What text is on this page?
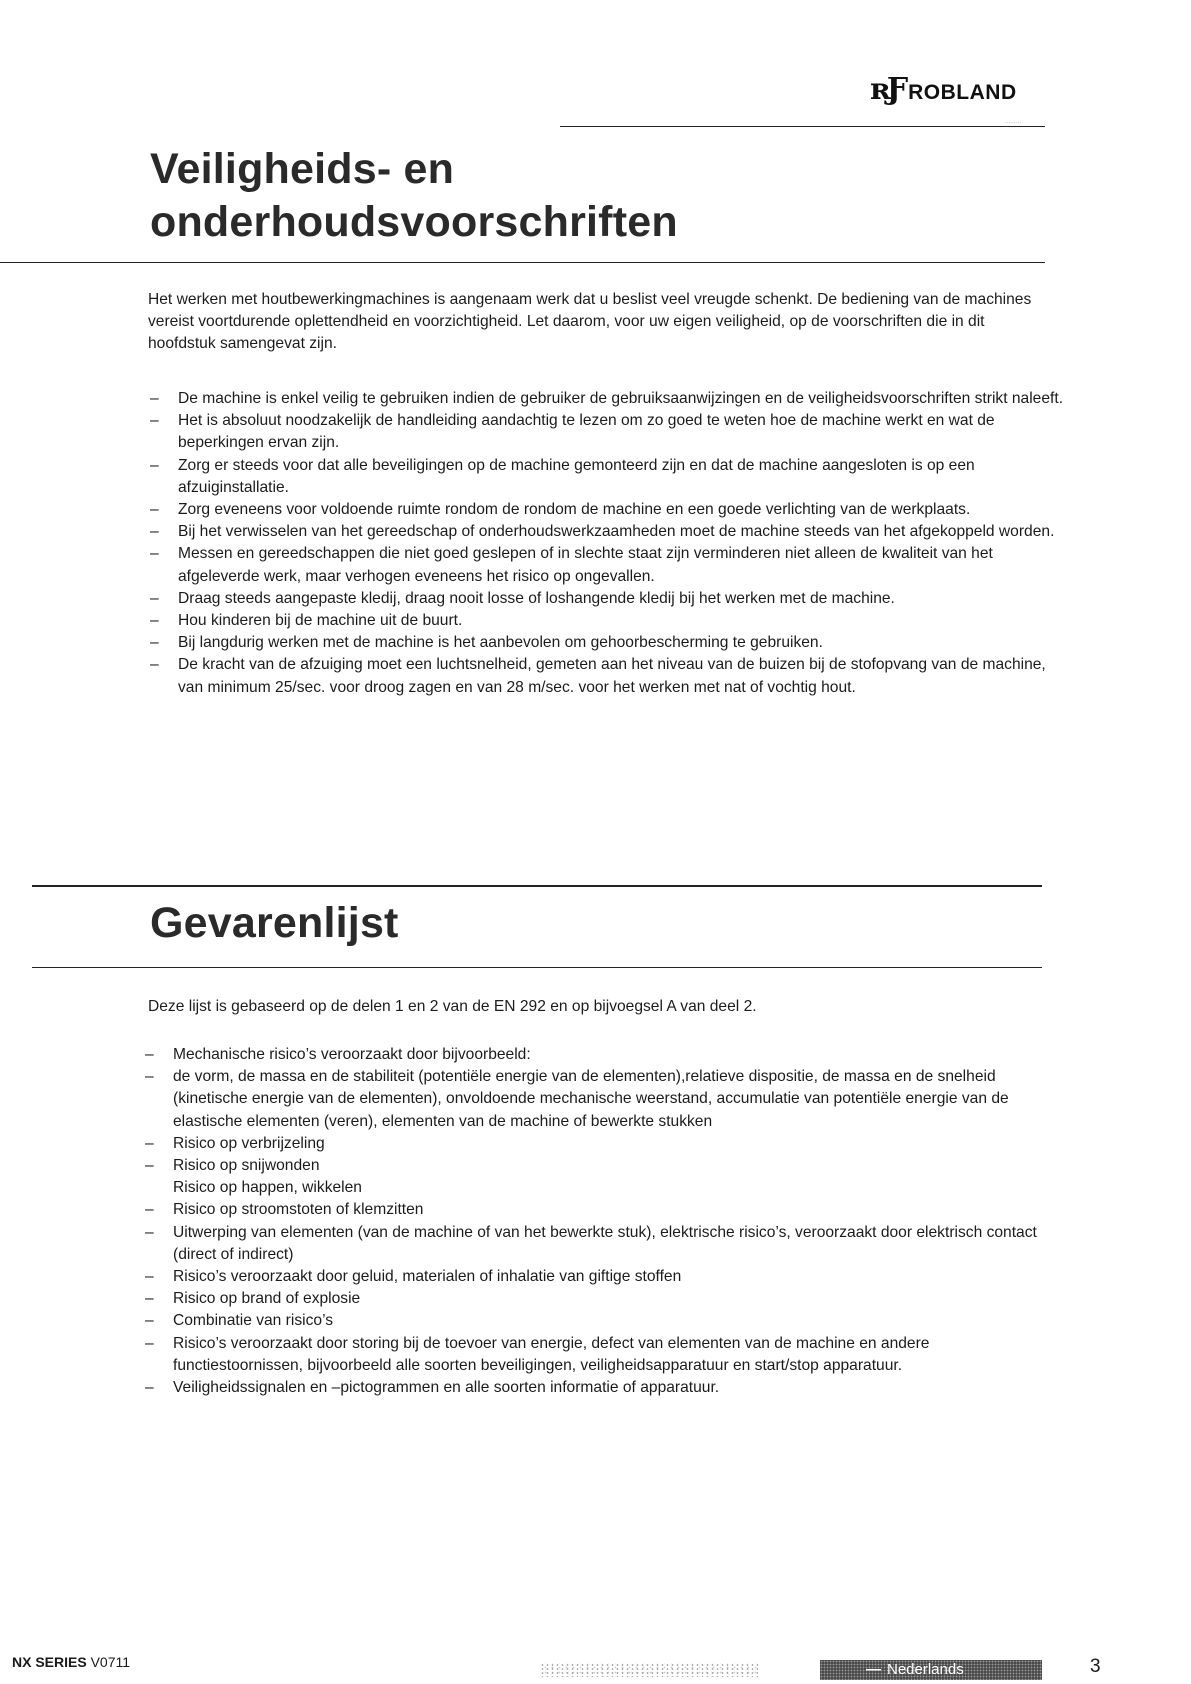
ʀƑ ROBLAND
·········
Veiligheids- en
onderhoudsvoorschriften

Het werken met houtbewerkingmachines is aangenaam werk dat u beslist veel vreugde schenkt. De bediening van de machines vereist voortdurende oplettendheid en voorzichtigheid. Let daarom, voor uw eigen veiligheid, op de voorschriften die in dit hoofdstuk samengevat zijn.

– De machine is enkel veilig te gebruiken indien de gebruiker de gebruiksaanwijzingen en de veiligheidsvoorschriften strikt naleeft.
– Het is absoluut noodzakelijk de handleiding aandachtig te lezen om zo goed te weten hoe de machine werkt en wat de beperkingen ervan zijn.
– Zorg er steeds voor dat alle beveiligingen op de machine gemonteerd zijn en dat de machine aangesloten is op een afzuiginstallatie.
– Zorg eveneens voor voldoende ruimte rondom de rondom de machine en een goede verlichting van de werkplaats.
– Bij het verwisselen van het gereedschap of onderhoudswerkzaamheden moet de machine steeds van het afgekoppeld worden.
– Messen en gereedschappen die niet goed geslepen of in slechte staat zijn verminderen niet alleen de kwaliteit van het afgeleverde werk, maar verhogen eveneens het risico op ongevallen.
– Draag steeds aangepaste kledij, draag nooit losse of loshangende kledij bij het werken met de machine.
– Hou kinderen bij de machine uit de buurt.
– Bij langdurig werken met de machine is het aanbevolen om gehoorbescherming te gebruiken.
– De kracht van de afzuiging moet een luchtsnelheid, gemeten aan het niveau van de buizen bij de stofopvang van de machine, van minimum 25/sec. voor droog zagen en van 28 m/sec. voor het werken met nat of vochtig hout.
Gevarenlijst

Deze lijst is gebaseerd op de delen 1 en 2 van de EN 292 en op bijvoegsel A van deel 2.

– Mechanische risico’s veroorzaakt door bijvoorbeeld:
– de vorm, de massa en de stabiliteit (potentiële energie van de elementen),relatieve dispositie, de massa en de snelheid (kinetische energie van de elementen), onvoldoende mechanische weerstand, accumulatie van potentiële energie van de elastische elementen (veren), elementen van de machine of bewerkte stukken
– Risico op verbrijzeling
– Risico op snijwonden
Risico op happen, wikkelen
– Risico op stroomstoten of klemzitten
– Uitwerping van elementen (van de machine of van het bewerkte stuk), elektrische risico’s, veroorzaakt door elektrisch contact (direct of indirect)
– Risico’s veroorzaakt door geluid, materialen of inhalatie van giftige stoffen
– Risico op brand of explosie
– Combinatie van risico’s
– Risico’s veroorzaakt door storing bij de toevoer van energie, defect van elementen van de machine en andere functiestoornissen, bijvoorbeeld alle soorten beveiligingen, veiligheidsapparatuur en start/stop apparatuur.
– Veiligheidssignalen en –pictogrammen en alle soorten informatie of apparatuur.
NX SERIES V0711	— Nederlands	3
